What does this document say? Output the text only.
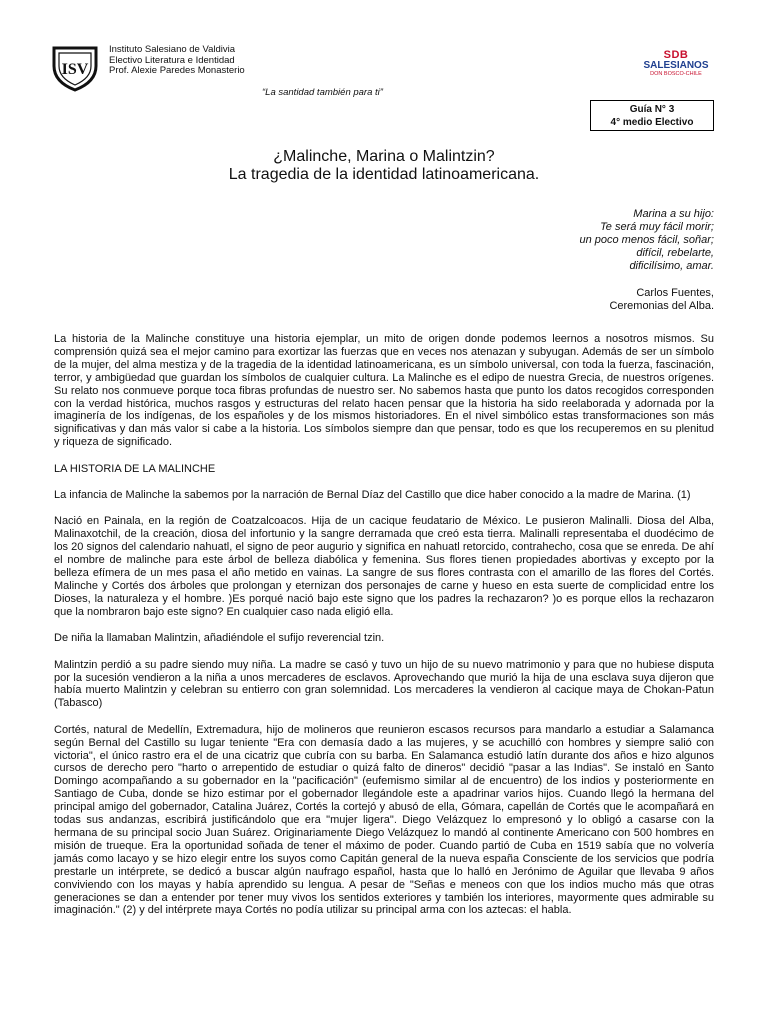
ISV
Instituto Salesiano de Valdivia
Electivo Literatura e Identidad
Prof. Alexie Paredes Monasterio
“La santidad también para ti”
SDB
SALESIANOS
DON BOSCO-CHILE
Guía N° 3
4° medio Electivo
¿Malinche, Marina o Malintzin?
La tragedia de la identidad latinoamericana.
Marina a su hijo:
Te será muy fácil morir;
un poco menos fácil, soñar;
difícil, rebelarte,
dificilísimo, amar.
Carlos Fuentes,
Ceremonias del Alba.

La historia de la Malinche constituye una historia ejemplar, un mito de origen donde podemos leernos a nosotros mismos. Su comprensión quizá sea el mejor camino para exortizar las fuerzas que en veces nos atenazan y subyugan. Además de ser un símbolo de la mujer, del alma mestiza y de la tragedia de la identidad latinoamericana, es un símbolo universal, con toda la fuerza, fascinación, terror, y ambigüedad que guardan los símbolos de cualquier cultura. La Malinche es el edipo de nuestra Grecia, de nuestros orígenes. Su relato nos conmueve porque toca fibras profundas de nuestro ser. No sabemos hasta que punto los datos recogidos corresponden con la verdad histórica, muchos rasgos y estructuras del relato hacen pensar que la historia ha sido reelaborada y adornada por la imaginería de los indígenas, de los españoles y de los mismos historiadores. En el nivel simbólico estas transformaciones son más significativas y dan más valor si cabe a la historia. Los símbolos siempre dan que pensar, todo es que los recuperemos en su plenitud y riqueza de significado.

LA HISTORIA DE LA MALINCHE

La infancia de Malinche la sabemos por la narración de Bernal Díaz del Castillo que dice haber conocido a la madre de Marina. (1)

Nació en Painala, en la región de Coatzalcoacos. Hija de un cacique feudatario de México. Le pusieron Malinalli. Diosa del Alba, Malinaxotchil, de la creación, diosa del infortunio y la sangre derramada que creó esta tierra. Malinalli representaba el duodécimo de los 20 signos del calendario nahuatl, el signo de peor augurio y significa en nahuatl retorcido, contrahecho, cosa que se enreda. De ahí el nombre de malinche para este árbol de belleza diabólica y femenina. Sus flores tienen propiedades abortivas y excepto por la belleza efímera de un mes pasa el año metido en vainas. La sangre de sus flores contrasta con el amarillo de las flores del Cortés. Malinche y Cortés dos árboles que prolongan y eternizan dos personajes de carne y hueso en esta suerte de complicidad entre los Dioses, la naturaleza y el hombre. )Es porqué nació bajo este signo que los padres la rechazaron? )o es porque ellos la rechazaron que la nombraron bajo este signo? En cualquier caso nada eligió ella.

De niña la llamaban Malintzin, añadiéndole el sufijo reverencial tzin.

Malintzin perdió a su padre siendo muy niña. La madre se casó y tuvo un hijo de su nuevo matrimonio y para que no hubiese disputa por la sucesión vendieron a la niña a unos mercaderes de esclavos. Aprovechando que murió la hija de una esclava suya dijeron que había muerto Malintzin y celebran su entierro con gran solemnidad. Los mercaderes la vendieron al cacique maya de Chokan-Patun (Tabasco)

Cortés, natural de Medellín, Extremadura, hijo de molineros que reunieron escasos recursos para mandarlo a estudiar a Salamanca según Bernal del Castillo su lugar teniente "Era con demasía dado a las mujeres, y se acuchilló con hombres y siempre salió con victoria", el único rastro era el de una cicatriz que cubría con su barba. En Salamanca estudió latín durante dos años e hizo algunos cursos de derecho pero "harto o arrepentido de estudiar o quizá falto de dineros" decidió "pasar a las Indias". Se instaló en Santo Domingo acompañando a su gobernador en la "pacificación" (eufemismo similar al de encuentro) de los indios y posteriormente en Santiago de Cuba, donde se hizo estimar por el gobernador llegándole este a apadrinar varios hijos. Cuando llegó la hermana del principal amigo del gobernador, Catalina Juárez, Cortés la cortejó y abusó de ella, Gómara, capellán de Cortés que le acompañará en todas sus andanzas, escribirá justificándolo que era "mujer ligera". Diego Velázquez lo empresonó y lo obligó a casarse con la hermana de su principal socio Juan Suárez. Originariamente Diego Velázquez lo mandó al continente Americano con 500 hombres en misión de trueque. Era la oportunidad soñada de tener el máximo de poder. Cuando partió de Cuba en 1519 sabía que no volvería jamás como lacayo y se hizo elegir entre los suyos como Capitán general de la nueva españa Consciente de los servicios que podría prestarle un intérprete, se dedicó a buscar algún naufrago español, hasta que lo halló en Jerónimo de Aguilar que llevaba 9 años conviviendo con los mayas y había aprendido su lengua. A pesar de "Señas e meneos con que los indios mucho más que otras generaciones se dan a entender por tener muy vivos los sentidos exteriores y también los interiores, mayormente ques admirable su imaginación." (2) y del intérprete maya Cortés no podía utilizar su principal arma con los aztecas: el habla.
